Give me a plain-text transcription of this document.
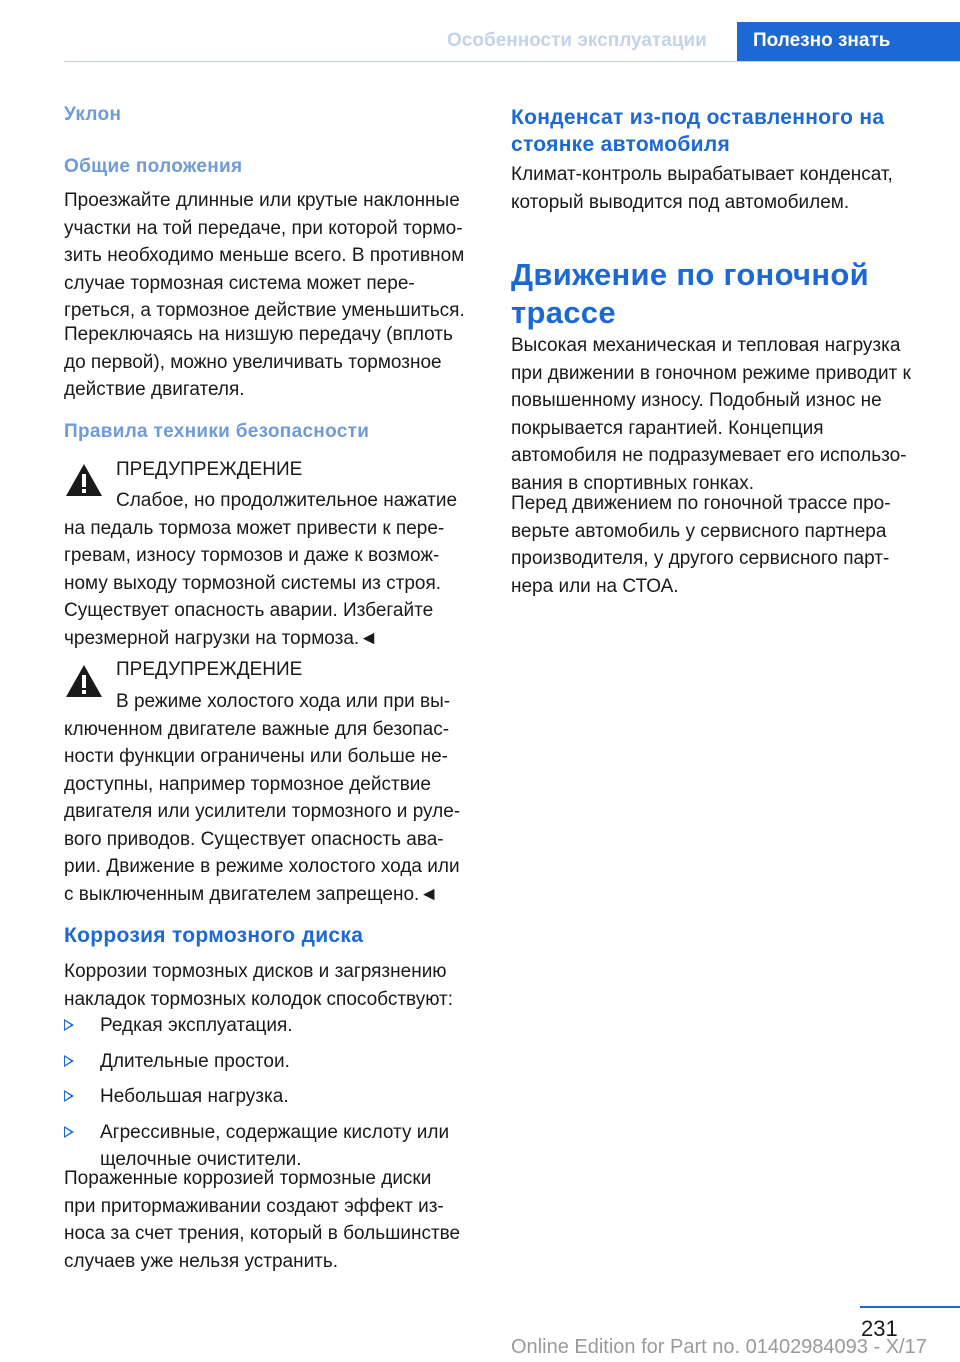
Особенности эксплуатации	Полезно знать
Уклон
Общие положения
Проезжайте длинные или крутые наклонные
участки на той передаче, при которой тормо‐
зить необходимо меньше всего. В противном
случае тормозная система может пере‐
греться, а тормозное действие уменьшиться.
Переключаясь на низшую передачу (вплоть
до первой), можно увеличивать тормозное
действие двигателя.
Правила техники безопасности
ПРЕДУПРЕЖДЕНИЕ
Слабое, но продолжительное нажатие
на педаль тормоза может привести к пере‐
гревам, износу тормозов и даже к возмож‐
ному выходу тормозной системы из строя.
Существует опасность аварии. Избегайте
чрезмерной нагрузки на тормоза.◄
ПРЕДУПРЕЖДЕНИЕ
В режиме холостого хода или при вы‐
ключенном двигателе важные для безопас‐
ности функции ограничены или больше не‐
доступны, например тормозное действие
двигателя или усилители тормозного и руле‐
вого приводов. Существует опасность ава‐
рии. Движение в режиме холостого хода или
с выключенным двигателем запрещено.◄
Коррозия тормозного диска
Коррозии тормозных дисков и загрязнению
накладок тормозных колодок способствуют:
Редкая эксплуатация.
Длительные простои.
Небольшая нагрузка.
Агрессивные, содержащие кислоту или
щелочные очистители.
Пораженные коррозией тормозные диски
при притормаживании создают эффект из‐
носа за счет трения, который в большинстве
случаев уже нельзя устранить.
Конденсат из-под оставленного на
стоянке автомобиля
Климат-контроль вырабатывает конденсат,
который выводится под автомобилем.
Движение по гоночной
трассе
Высокая механическая и тепловая нагрузка
при движении в гоночном режиме приводит к
повышенному износу. Подобный износ не
покрывается гарантией. Концепция
автомобиля не подразумевает его использо‐
вания в спортивных гонках.
Перед движением по гоночной трассе про‐
верьте автомобиль у сервисного партнера
производителя, у другого сервисного парт‐
нера или на СТОА.
231
Online Edition for Part no. 01402984093 - X/17
